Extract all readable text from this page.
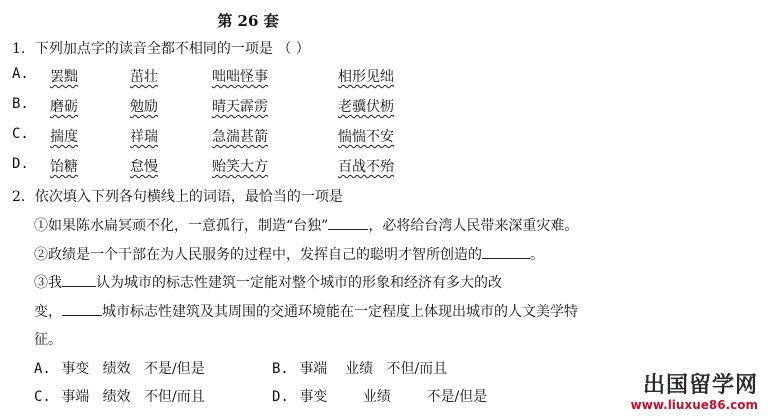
第 26 套
1．下列加点字的读音全都不相同的一项是 （ ）
A. 罢黜	茁壮	咄咄怪事	相形见绌
B. 磨砺	勉励	晴天霹雳	老骥伏枥
C. 揣度	祥瑞	急湍甚箭	惴惴不安
D. 饴糖	怠慢	贻笑大方	百战不殆
2．依次填入下列各句横线上的词语，最恰当的一项是
①如果陈水扁冥顽不化，一意孤行，制造“台独”	，必将给台湾人民带来深重灾难。
②政绩是一个干部在为人民服务的过程中，发挥自己的聪明才智所创造的	。
③我 认为城市的标志性建筑一定能对整个城市的形象和经济有多大的改
变，	城市标志性建筑及其周围的交通环境能在一定程度上体现出城市的人文美学特
征。
A. 事变   绩效   不是/但是	B. 事端    业绩   不但/而且
C. 事端   绩效   不但/而且	D. 事变        业绩        不是/但是	出国留学网
www.liuxue86.com
